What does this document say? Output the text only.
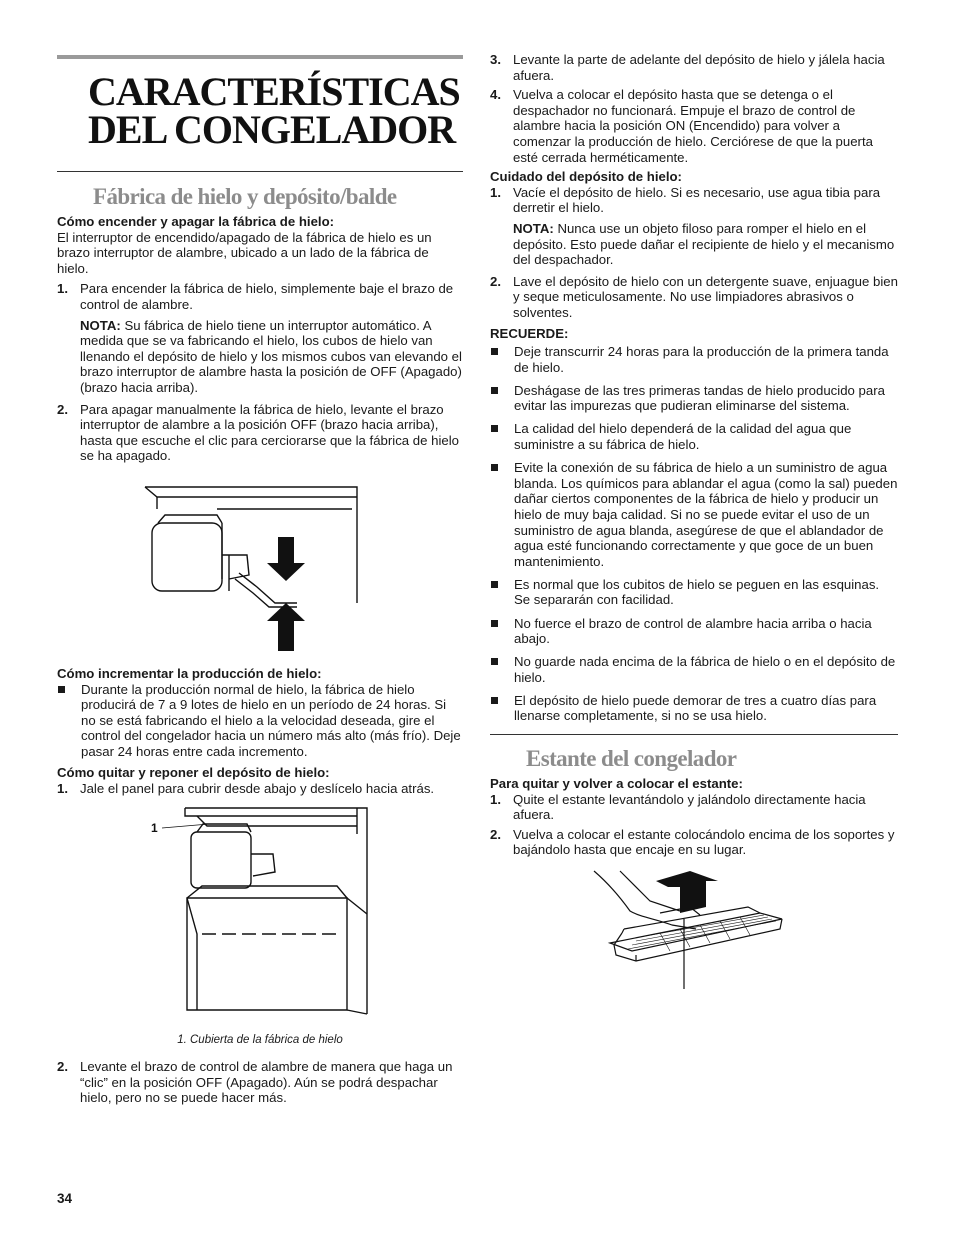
CARACTERÍSTICAS DEL CONGELADOR
Fábrica de hielo y depósito/balde

Cómo encender y apagar la fábrica de hielo:

El interruptor de encendido/apagado de la fábrica de hielo es un brazo interruptor de alambre, ubicado a un lado de la fábrica de hielo.

1. Para encender la fábrica de hielo, simplemente baje el brazo de control de alambre.

NOTA: Su fábrica de hielo tiene un interruptor automático. A medida que se va fabricando el hielo, los cubos de hielo van llenando el depósito de hielo y los mismos cubos van elevando el brazo interruptor de alambre hasta la posición de OFF (Apagado) (brazo hacia arriba).

2. Para apagar manualmente la fábrica de hielo, levante el brazo interruptor de alambre a la posición OFF (brazo hacia arriba), hasta que escuche el clic para cerciorarse que la fábrica de hielo se ha apagado.

Cómo incrementar la producción de hielo:

Durante la producción normal de hielo, la fábrica de hielo producirá de 7 a 9 lotes de hielo en un período de 24 horas. Si no se está fabricando el hielo a la velocidad deseada, gire el control del congelador hacia un número más alto (más frío). Deje pasar 24 horas entre cada incremento.

Cómo quitar y reponer el depósito de hielo:

1. Jale el panel para cubrir desde abajo y deslícelo hacia atrás.
1

1. Cubierta de la fábrica de hielo

2. Levante el brazo de control de alambre de manera que haga un “clic” en la posición OFF (Apagado). Aún se podrá despachar hielo, pero no se puede hacer más.
3. Levante la parte de adelante del depósito de hielo y jálela hacia afuera.
4. Vuelva a colocar el depósito hasta que se detenga o el despachador no funcionará. Empuje el brazo de control de alambre hacia la posición ON (Encendido) para volver a comenzar la producción de hielo. Cerciórese de que la puerta esté cerrada herméticamente.

Cuidado del depósito de hielo:

1. Vacíe el depósito de hielo. Si es necesario, use agua tibia para derretir el hielo.

NOTA: Nunca use un objeto filoso para romper el hielo en el depósito. Esto puede dañar el recipiente de hielo y el mecanismo del despachador.

2. Lave el depósito de hielo con un detergente suave, enjuague bien y seque meticulosamente. No use limpiadores abrasivos o solventes.

RECUERDE:

Deje transcurrir 24 horas para la producción de la primera tanda de hielo.
Deshágase de las tres primeras tandas de hielo producido para evitar las impurezas que pudieran eliminarse del sistema.
La calidad del hielo dependerá de la calidad del agua que suministre a su fábrica de hielo.
Evite la conexión de su fábrica de hielo a un suministro de agua blanda. Los químicos para ablandar el agua (como la sal) pueden dañar ciertos componentes de la fábrica de hielo y producir un hielo de muy baja calidad. Si no se puede evitar el uso de un suministro de agua blanda, asegúrese de que el ablandador de agua esté funcionando correctamente y que goce de un buen mantenimiento.
Es normal que los cubitos de hielo se peguen en las esquinas. Se separarán con facilidad.
No fuerce el brazo de control de alambre hacia arriba o hacia abajo.
No guarde nada encima de la fábrica de hielo o en el depósito de hielo.
El depósito de hielo puede demorar de tres a cuatro días para llenarse completamente, si no se usa hielo.
Estante del congelador

Para quitar y volver a colocar el estante:

1. Quite el estante levantándolo y jalándolo directamente hacia afuera.
2. Vuelva a colocar el estante colocándolo encima de los soportes y bajándolo hasta que encaje en su lugar.
34
